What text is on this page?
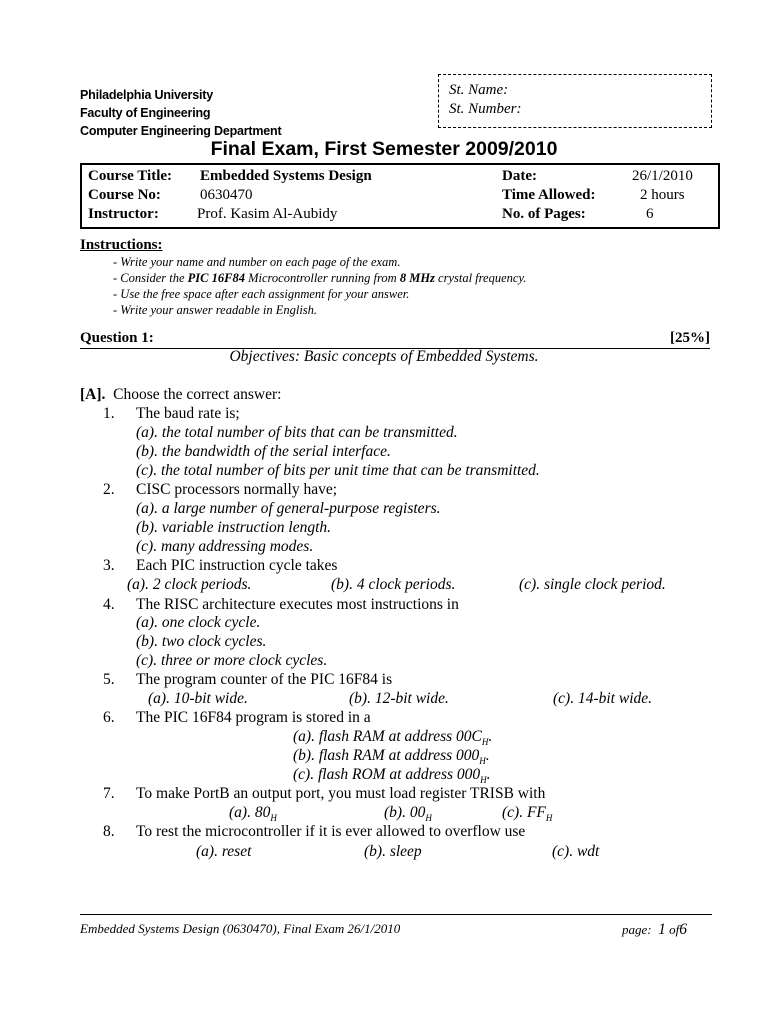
Philadelphia University
Faculty of Engineering
Computer Engineering Department
St. Name:
St. Number:
Final Exam, First Semester 2009/2010
Course Title: Embedded Systems Design
Course No:	0630470
Instructor:	Prof. Kasim Al-Aubidy
Date:	26/1/2010
Time Allowed:	2 hours
No. of Pages:	6
Instructions:
- Write your name and number on each page of the exam.
- Consider the PIC 16F84 Microcontroller running from 8 MHz crystal frequency.
- Use the free space after each assignment for your answer.
- Write your answer readable in English.
Question 1:	[25%]
Objectives: Basic concepts of Embedded Systems.
[A]. Choose the correct answer:
1. The baud rate is;
(a). the total number of bits that can be transmitted.
(b). the bandwidth of the serial interface.
(c). the total number of bits per unit time that can be transmitted.
2. CISC processors normally have;
(a). a large number of general-purpose registers.
(b). variable instruction length.
(c). many addressing modes.
3. Each PIC instruction cycle takes
(a). 2 clock periods.	(b). 4 clock periods.	(c). single clock period.
4. The RISC architecture executes most instructions in
(a). one clock cycle.
(b). two clock cycles.
(c). three or more clock cycles.
5. The program counter of the PIC 16F84 is
(a). 10-bit wide.	(b). 12-bit wide.	(c). 14-bit wide.
6. The PIC 16F84 program is stored in a
(a). flash RAM at address $00C_H$.
(b). flash RAM at address $000_H$.
(c). flash ROM at address $000_H$.
7. To make PortB an output port, you must load register TRISB with
(a). $80_H$	(b). $00_H$	(c). $FF_H$
8. To rest the microcontroller if it is ever allowed to overflow use
(a). reset	(b). sleep	(c). wdt
Embedded Systems Design (0630470), Final Exam 26/1/2010	page: 1 of6
